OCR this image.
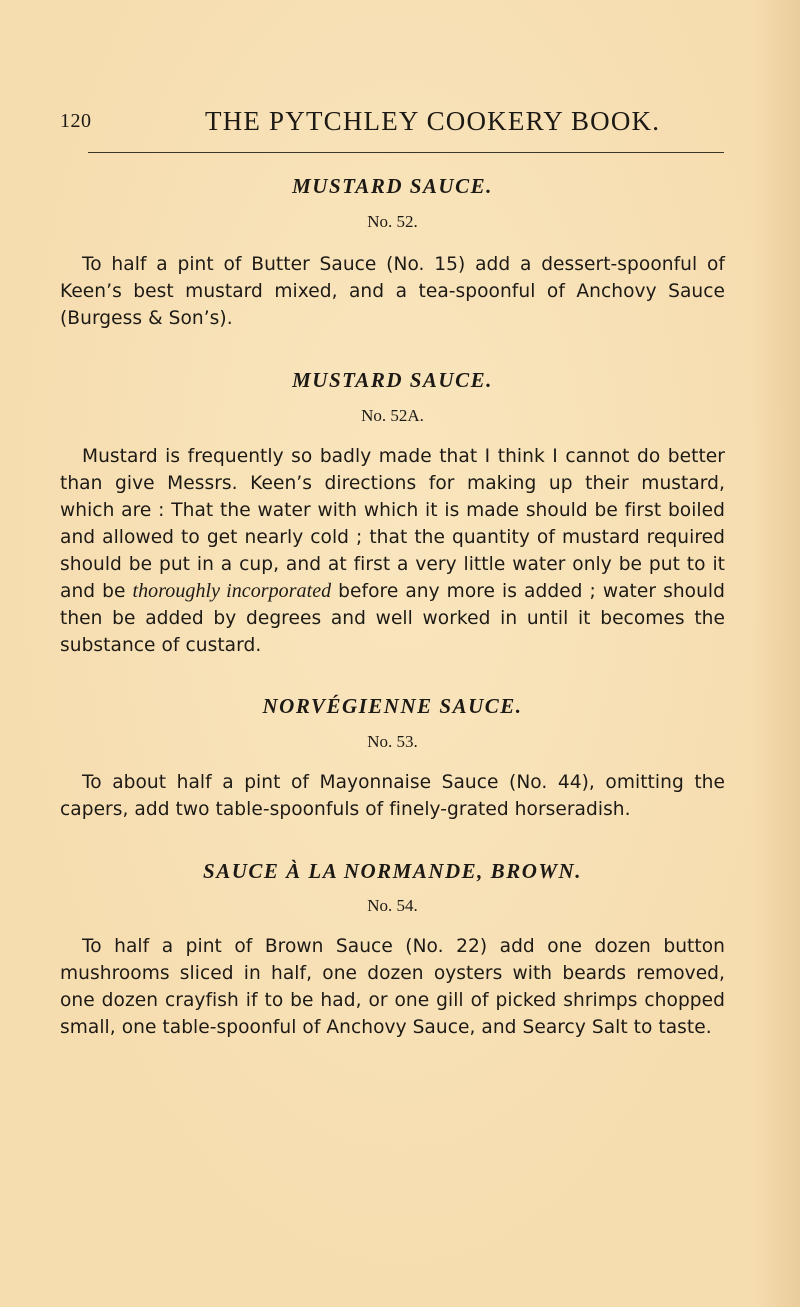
120	THE PYTCHLEY COOKERY BOOK.
MUSTARD SAUCE.

No. 52.

To half a pint of Butter Sauce (No. 15) add a dessert-spoonful of Keen’s best mustard mixed, and a tea-spoonful of Anchovy Sauce (Burgess & Son’s).

MUSTARD SAUCE.

No. 52A.

Mustard is frequently so badly made that I think I cannot do better than give Messrs. Keen’s directions for making up their mustard, which are : That the water with which it is made should be first boiled and allowed to get nearly cold ; that the quantity of mustard required should be put in a cup, and at first a very little water only be put to it and be thoroughly incorporated before any more is added ; water should then be added by degrees and well worked in until it becomes the substance of custard.

NORVÉGIENNE SAUCE.

No. 53.

To about half a pint of Mayonnaise Sauce (No. 44), omitting the capers, add two table-spoonfuls of finely-grated horseradish.

SAUCE À LA NORMANDE, BROWN.

No. 54.

To half a pint of Brown Sauce (No. 22) add one dozen button mushrooms sliced in half, one dozen oysters with beards removed, one dozen crayfish if to be had, or one gill of picked shrimps chopped small, one table-spoonful of Anchovy Sauce, and Searcy Salt to taste.
